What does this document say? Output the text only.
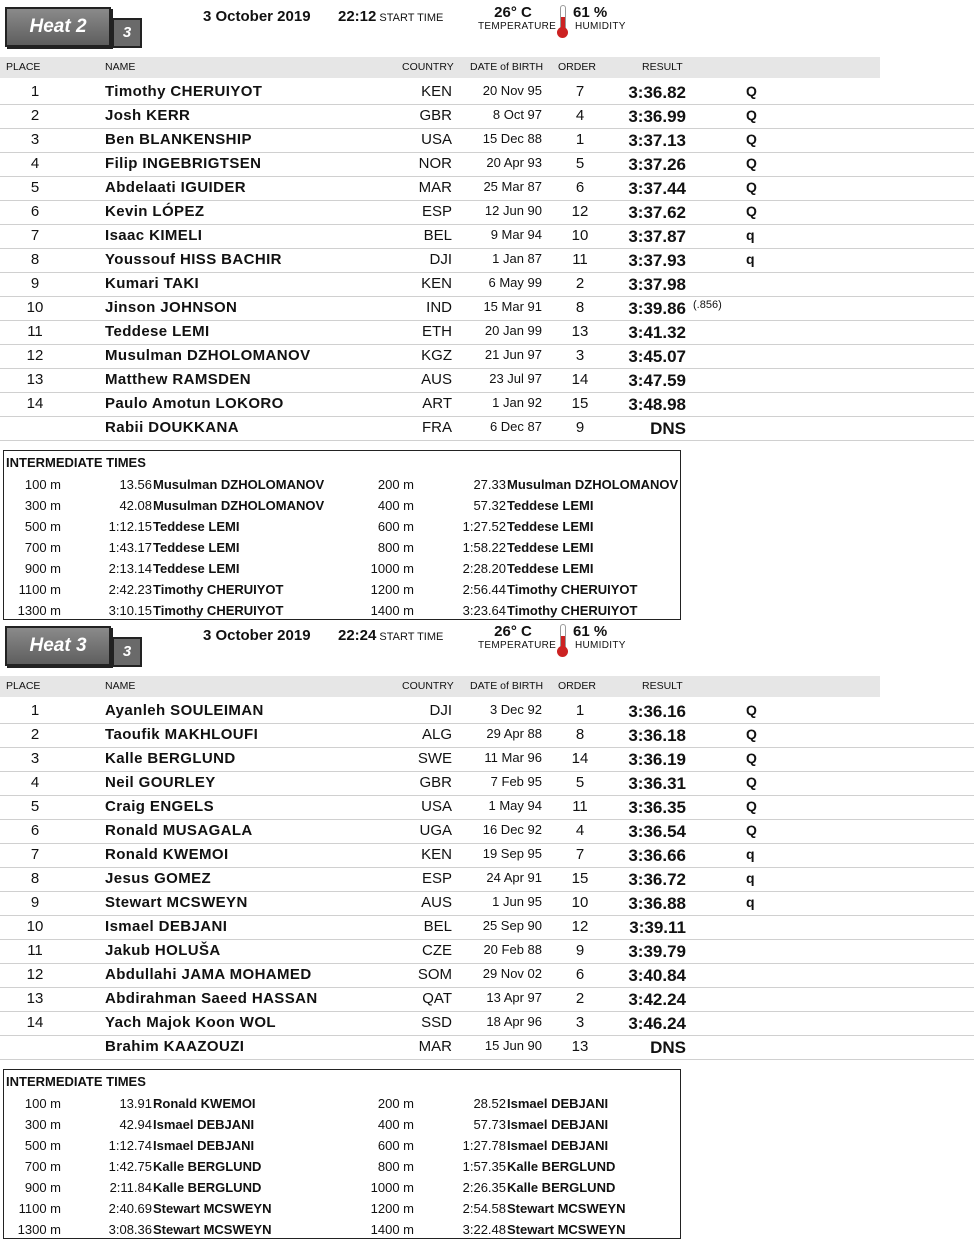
Heat 2	3
3 October 2019 22:12 START TIME	26° C
TEMPERATURE
61 %
HUMIDITY
PLACE	NAME	COUNTRY DATE of BIRTH ORDER	RESULT
1	Timothy CHERUIYOT	KEN	20 Nov 95	7	3:36.82	Q
2	Josh KERR	GBR	8 Oct 97	4	3:36.99	Q
3	Ben BLANKENSHIP	USA	15 Dec 88	1	3:37.13	Q
4	Filip INGEBRIGTSEN	NOR	20 Apr 93	5	3:37.26	Q
5	Abdelaati IGUIDER	MAR	25 Mar 87	6	3:37.44	Q
6	Kevin LÓPEZ	ESP	12 Jun 90	12	3:37.62	Q
7	Isaac KIMELI	BEL	9 Mar 94	10	3:37.87	q
8	Youssouf HISS BACHIR	DJI	1 Jan 87	11	3:37.93	q
9	Kumari TAKI	KEN	6 May 99	2	3:37.98
10	Jinson JOHNSON	IND	15 Mar 91	8	3:39.86 (.856)
11	Teddese LEMI	ETH	20 Jan 99	13	3:41.32
12	Musulman DZHOLOMANOV	KGZ	21 Jun 97	3	3:45.07
13	Matthew RAMSDEN	AUS	23 Jul 97	14	3:47.59
14	Paulo Amotun LOKORO	ART	1 Jan 92	15	3:48.98
Rabii DOUKKANA	FRA	6 Dec 87	9	DNS
INTERMEDIATE TIMES
100 m	13.56 Musulman DZHOLOMANOV	200 m	27.33 Musulman DZHOLOMANOV
300 m	42.08 Musulman DZHOLOMANOV	400 m	57.32 Teddese LEMI
500 m	1:12.15 Teddese LEMI	600 m	1:27.52 Teddese LEMI
700 m	1:43.17 Teddese LEMI	800 m	1:58.22 Teddese LEMI
900 m	2:13.14 Teddese LEMI	1000 m	2:28.20 Teddese LEMI
1100 m	2:42.23 Timothy CHERUIYOT	1200 m	2:56.44 Timothy CHERUIYOT
1300 m	3:10.15 Timothy CHERUIYOT	1400 m	3:23.64 Timothy CHERUIYOT
Heat 3	3
3 October 2019 22:24 START TIME	26° C
TEMPERATURE
61 %
HUMIDITY
PLACE	NAME	COUNTRY DATE of BIRTH ORDER	RESULT
1	Ayanleh SOULEIMAN	DJI	3 Dec 92	1	3:36.16	Q
2	Taoufik MAKHLOUFI	ALG	29 Apr 88	8	3:36.18	Q
3	Kalle BERGLUND	SWE	11 Mar 96	14	3:36.19	Q
4	Neil GOURLEY	GBR	7 Feb 95	5	3:36.31	Q
5	Craig ENGELS	USA	1 May 94	11	3:36.35	Q
6	Ronald MUSAGALA	UGA	16 Dec 92	4	3:36.54	Q
7	Ronald KWEMOI	KEN	19 Sep 95	7	3:36.66	q
8	Jesus GOMEZ	ESP	24 Apr 91	15	3:36.72	q
9	Stewart MCSWEYN	AUS	1 Jun 95	10	3:36.88	q
10	Ismael DEBJANI	BEL	25 Sep 90	12	3:39.11
11	Jakub HOLUŠA	CZE	20 Feb 88	9	3:39.79
12	Abdullahi JAMA MOHAMED	SOM	29 Nov 02	6	3:40.84
13	Abdirahman Saeed HASSAN	QAT	13 Apr 97	2	3:42.24
14	Yach Majok Koon WOL	SSD	18 Apr 96	3	3:46.24
Brahim KAAZOUZI	MAR	15 Jun 90	13	DNS
INTERMEDIATE TIMES
100 m	13.91 Ronald KWEMOI	200 m	28.52 Ismael DEBJANI
300 m	42.94 Ismael DEBJANI	400 m	57.73 Ismael DEBJANI
500 m	1:12.74 Ismael DEBJANI	600 m	1:27.78 Ismael DEBJANI
700 m	1:42.75 Kalle BERGLUND	800 m	1:57.35 Kalle BERGLUND
900 m	2:11.84 Kalle BERGLUND	1000 m	2:26.35 Kalle BERGLUND
1100 m	2:40.69 Stewart MCSWEYN	1200 m	2:54.58 Stewart MCSWEYN
1300 m	3:08.36 Stewart MCSWEYN	1400 m	3:22.48 Stewart MCSWEYN
